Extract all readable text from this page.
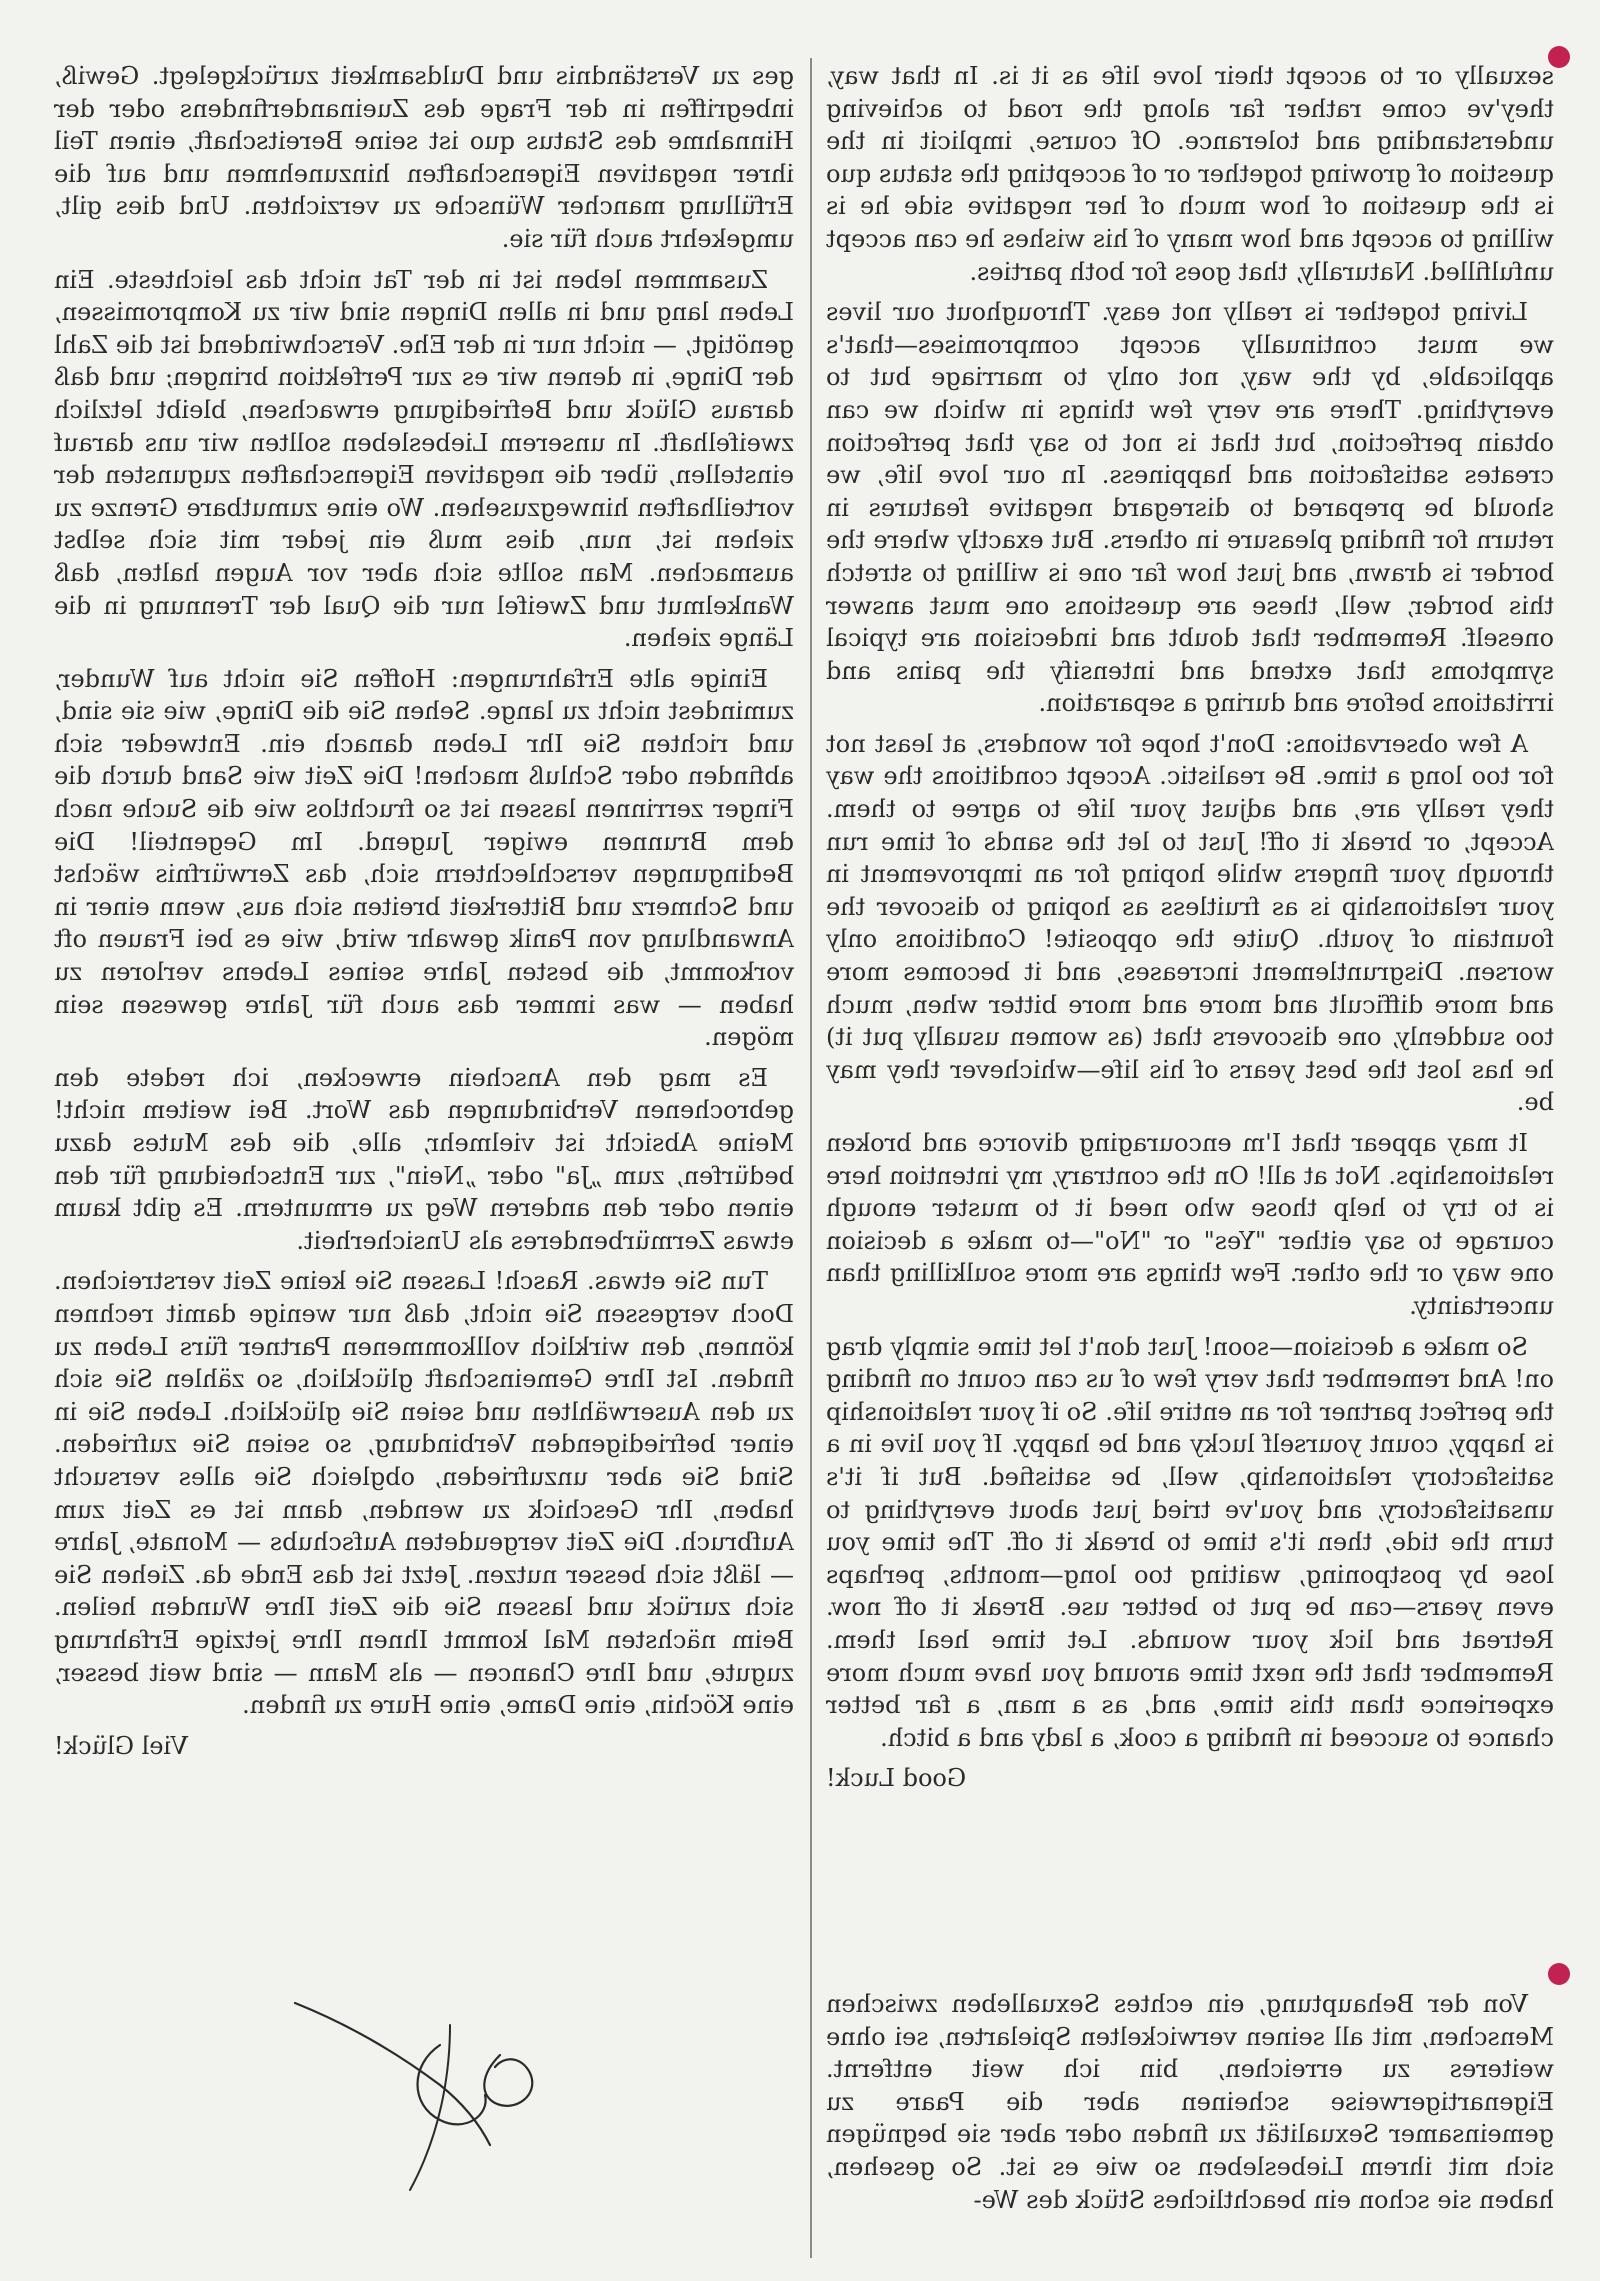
sexually or to accept their love life as it is. In that way, they've come rather far along the road to achieving understanding and tolerance. Of course, implicit in the question of growing together or of accepting the status quo is the question of how much of her negative side he is willing to accept and how many of his wishes he can accept unfulfilled. Naturally, that goes for both parties.

Living together is really not easy. Throughout our lives we must continually accept compromises—that's applicable, by the way, not only to marriage but to everything. There are very few things in which we can obtain perfection, but that is not to say that perfection creates satisfaction and happiness. In our love life, we should be prepared to disregard negative features in return for finding pleasure in others. But exactly where the border is drawn, and just how far one is willing to stretch this border, well, these are questions one must answer oneself. Remember that doubt and indecision are typical symptoms that extend and intensify the pains and irritations before and during a separation.

A few observations: Don't hope for wonders, at least not for too long a time. Be realistic. Accept conditions the way they really are, and adjust your life to agree to them. Accept, or break it off! Just to let the sands of time run through your fingers while hoping for an improvement in your relationship is as fruitless as hoping to discover the fountain of youth. Quite the opposite! Conditions only worsen. Disgruntlement increases, and it becomes more and more difficult and more and more bitter when, much too suddenly, one discovers that (as women usually put it) he has lost the best years of his life—whichever they may be.

It may appear that I'm encouraging divorce and broken relationships. Not at all! On the contrary, my intention here is to try to help those who need it to muster enough courage to say either "Yes" or "No"—to make a decision one way or the other. Few things are more soulkilling than uncertainty.

So make a decision—soon! Just don't let time simply drag on! And remember that very few of us can count on finding the perfect partner for an entire life. So if your relationship is happy, count yourself lucky and be happy. If you live in a satisfactory relationship, well, be satisfied. But if it's unsatisfactory, and you've tried just about everything to turn the tide, then it's time to break it off. The time you lose by postponing, waiting too long—months, perhaps even years—can be put to better use. Break it off now. Retreat and lick your wounds. Let time heal them. Remember that the next time around you have much more experience than this time, and, as a man, a far better chance to succeed in finding a cook, a lady and a bitch.

Good Luck!

ges zu Verständnis und Duldsamkeit zurückgelegt. Gewiß, inbegriffen in der Frage des Zueinanderfindens oder der Hinnahme des Status quo ist seine Bereitschaft, einen Teil ihrer negativen Eigenschaften hinzunehmen und auf die Erfüllung mancher Wünsche zu verzichten. Und dies gilt, umgekehrt auch für sie.

Zusammen leben ist in der Tat nicht das leichteste. Ein Leben lang und in allen Dingen sind wir zu Kompromissen, genötigt, — nicht nur in der Ehe. Verschwindend ist die Zahl der Dinge, in denen wir es zur Perfektion bringen; und daß daraus Glück und Befriedigung erwachsen, bleibt letzlich zweifelhaft. In unserem Liebesleben sollten wir uns darauf einstellen, über die negativen Eigenschaften zugunsten der vorteilhaften hinwegzusehen. Wo eine zumutbare Grenze zu ziehen ist, nun, dies muß ein jeder mit sich selbst ausmachen. Man sollte sich aber vor Augen halten, daß Wankelmut und Zweifel nur die Qual der Trennung in die Länge ziehen.

Einige alte Erfahrungen: Hoffen Sie nicht auf Wunder, zumindest nicht zu lange. Sehen Sie die Dinge, wie sie sind, und richten Sie Ihr Leben danach ein. Entweder sich abfinden oder Schluß machen! Die Zeit wie Sand durch die Finger zerrinnen lassen ist so fruchtlos wie die Suche nach dem Brunnen ewiger Jugend. Im Gegenteil! Die Bedingungen verschlechtern sich, das Zerwürfnis wächst und Schmerz und Bitterkeit breiten sich aus, wenn einer in Anwandlung von Panik gewahr wird, wie es bei Frauen oft vorkommt, die besten Jahre seines Lebens verloren zu haben — was immer das auch für Jahre gewesen sein mögen.

Es mag den Anschein erwecken, ich redete den gebrochenen Verbindungen das Wort. Bei weitem nicht! Meine Absicht ist vielmehr, alle, die des Mutes dazu bedürfen, zum „Ja" oder „Nein", zur Entscheidung für den einen oder den anderen Weg zu ermuntern. Es gibt kaum etwas Zermürbenderes als Unsicherheit.

Tun Sie etwas. Rasch! Lassen Sie keine Zeit verstreichen. Doch vergessen Sie nicht, daß nur wenige damit rechnen können, den wirklich vollkommenen Partner fürs Leben zu finden. Ist Ihre Gemeinschaft glücklich, so zählen Sie sich zu den Auserwählten und seien Sie glücklich. Leben Sie in einer befriedigenden Verbindung, so seien Sie zufrieden. Sind Sie aber unzufrieden, obgleich Sie alles versucht haben, Ihr Geschick zu wenden, dann ist es Zeit zum Aufbruch. Die Zeit vergeudeten Aufschubs — Monate, Jahre — läßt sich besser nutzen. Jetzt ist das Ende da. Ziehen Sie sich zurück und lassen Sie die Zeit Ihre Wunden heilen. Beim nächsten Mal kommt Ihnen Ihre jetzige Erfahrung zugute, und Ihre Chancen — als Mann — sind weit besser, eine Köchin, eine Dame, eine Hure zu finden.

Viel Glück!

Von der Behauptung, ein echtes Sexualleben zwischen Menschen, mit all seinen verwickelten Spielarten, sei ohne weiteres zu erreichen, bin ich weit entfernt. Eigenartigerweise scheinen aber die Paare zu gemeinsamer Sexualität zu finden oder aber sie begnügen sich mit ihrem Liebesleben so wie es ist. So gesehen, haben sie schon ein beachtliches Stück des We-
